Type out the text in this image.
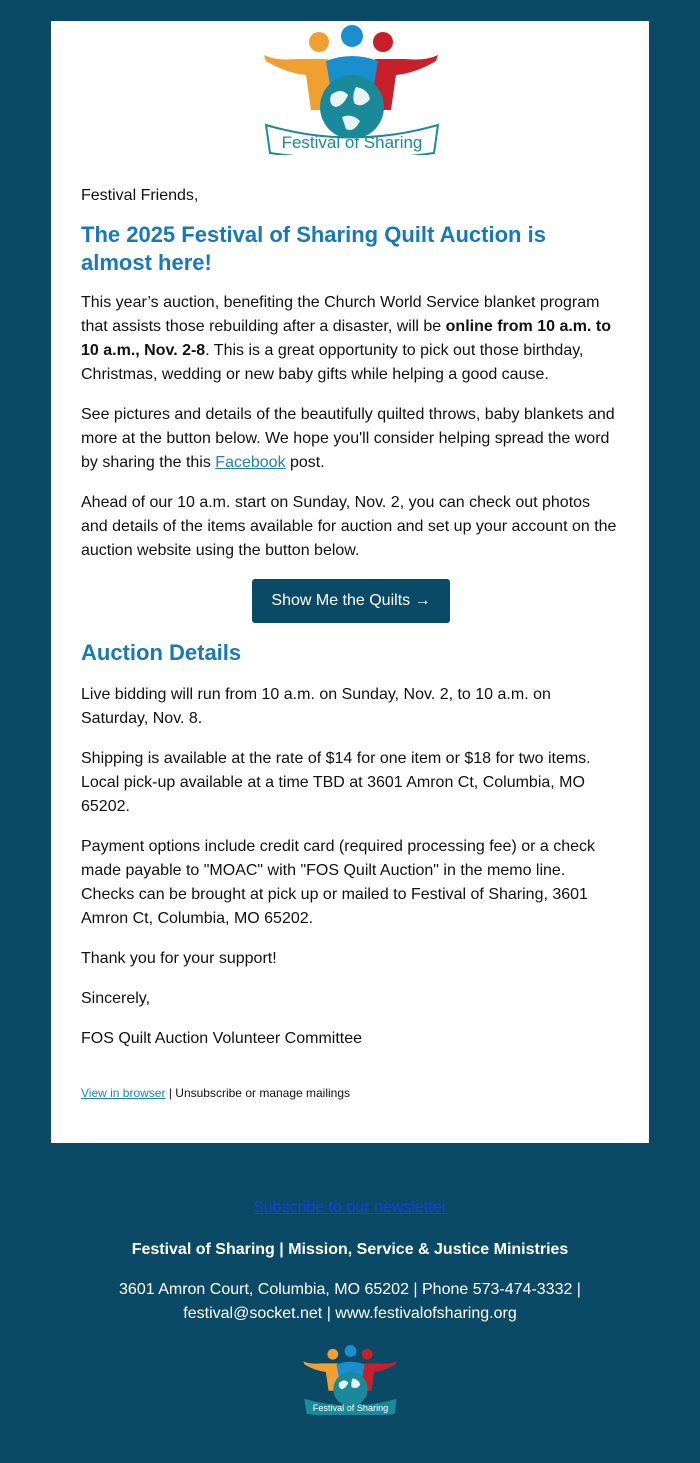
Festival of Sharing

Festival Friends,

The 2025 Festival of Sharing Quilt Auction is almost here!

This year’s auction, benefiting the Church World Service blanket program that assists those rebuilding after a disaster, will be online from 10 a.m. to 10 a.m., Nov. 2-8. This is a great opportunity to pick out those birthday, Christmas, wedding or new baby gifts while helping a good cause.

See pictures and details of the beautifully quilted throws, baby blankets and more at the button below. We hope you'll consider helping spread the word by sharing the this Facebook post.

Ahead of our 10 a.m. start on Sunday, Nov. 2, you can check out photos and details of the items available for auction and set up your account on the auction website using the button below.

Show Me the Quilts →
Auction Details

Live bidding will run from 10 a.m. on Sunday, Nov. 2, to 10 a.m. on Saturday, Nov. 8.

Shipping is available at the rate of $14 for one item or $18 for two items. Local pick-up available at a time TBD at 3601 Amron Ct, Columbia, MO 65202.

Payment options include credit card (required processing fee) or a check made payable to "MOAC" with "FOS Quilt Auction" in the memo line. Checks can be brought at pick up or mailed to Festival of Sharing, 3601 Amron Ct, Columbia, MO 65202.

Thank you for your support!

Sincerely,

FOS Quilt Auction Volunteer Committee

View in browser | Unsubscribe or manage mailings
Subscribe to our newsletter
Festival of Sharing | Mission, Service & Justice Ministries
3601 Amron Court, Columbia, MO 65202 | Phone 573-474-3332 |
festival@socket.net | www.festivalofsharing.org
Festival of Sharing
